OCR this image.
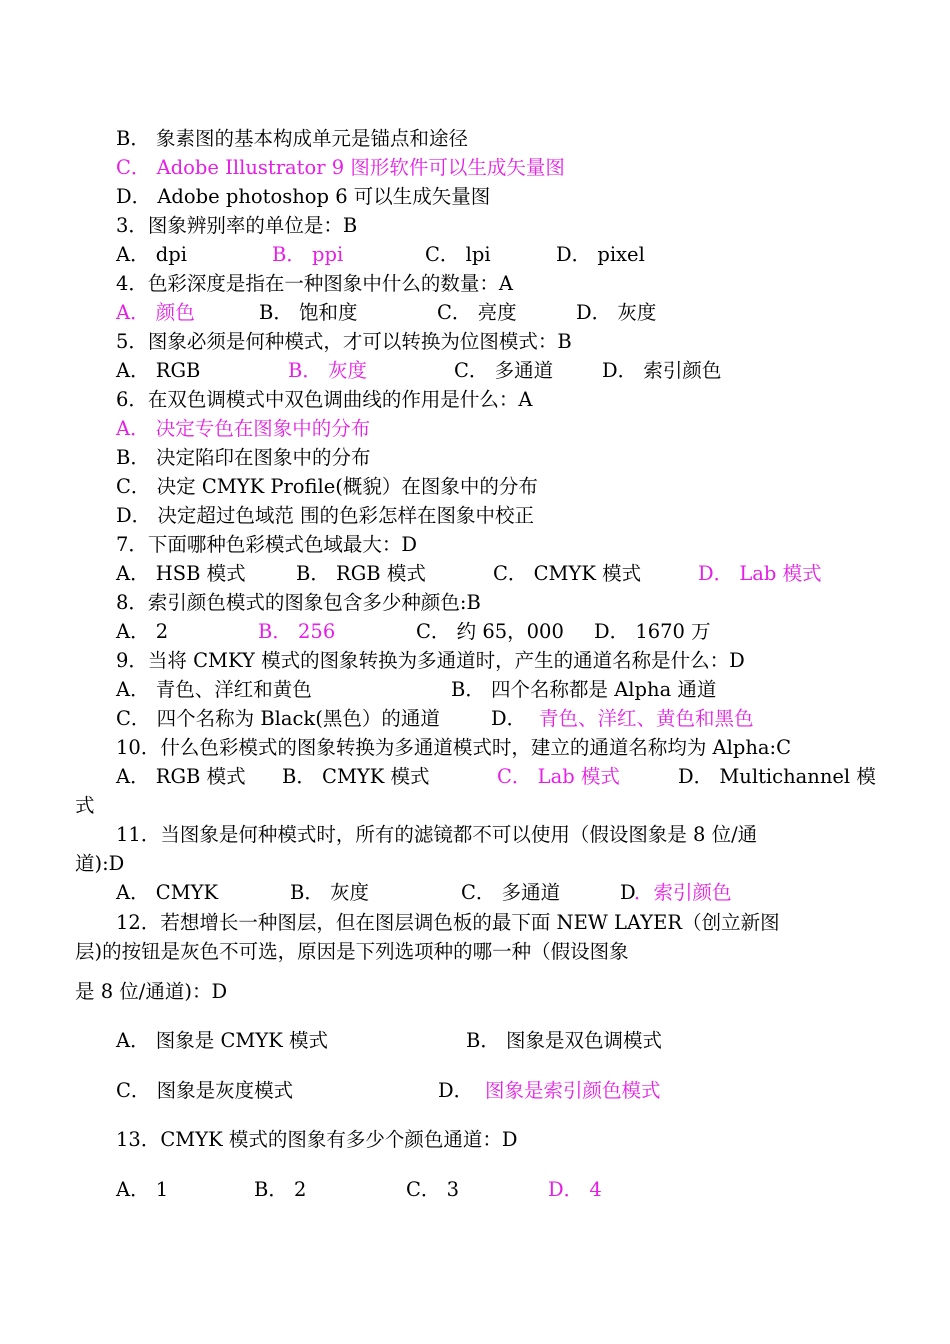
B． 象素图的基本构成单元是锚点和途径
C． Adobe Illustrator 9 图形软件可以生成矢量图
D． Adobe photoshop 6 可以生成矢量图
3．图象辨别率的单位是：B
A． dpi	B． ppi	C． lpi	D． pixel
4．色彩深度是指在一种图象中什么的数量：A
A． 颜色	B． 饱和度	C． 亮度	D． 灰度
5．图象必须是何种模式，才可以转换为位图模式：B
A． RGB	B． 灰度	C． 多通道	D． 索引颜色
6．在双色调模式中双色调曲线的作用是什么：A
A． 决定专色在图象中的分布
B． 决定陷印在图象中的分布
C． 决定 CMYK Profile(概貌）在图象中的分布
D． 决定超过色域范 围的色彩怎样在图象中校正
7．下面哪种色彩模式色域最大：D
A． HSB 模式	B． RGB 模式	C． CMYK 模式	D． Lab 模式
8．索引颜色模式的图象包含多少种颜色:B
A． 2	B． 256	C． 约 65，000 D． 1670 万
9．当将 CMKY 模式的图象转换为多通道时，产生的通道名称是什么：D
A． 青色、洋红和黄色	B． 四个名称都是 Alpha 通道
C． 四个名称为 Black(黑色）的通道	D． 青色、洋红、黄色和黑色
10．什么色彩模式的图象转换为多通道模式时，建立的通道名称均为 Alpha:C
A． RGB 模式 B． CMYK 模式	C． Lab 模式	D． Multichannel 模
式
11．当图象是何种模式时，所有的滤镜都不可以使用（假设图象是 8 位/通
道):D
A． CMYK	B． 灰度	C． 多通道	D
．索引颜色
12．若想增长一种图层，但在图层调色板的最下面 NEW LAYER（创立新图
层)的按钮是灰色不可选，原因是下列选项种的哪一种（假设图象
是 8 位/通道)：D
A． 图象是 CMYK 模式	B． 图象是双色调模式
C． 图象是灰度模式	D． 图象是索引颜色模式
13．CMYK 模式的图象有多少个颜色通道：D
A． 1	B． 2	C． 3	D． 4
